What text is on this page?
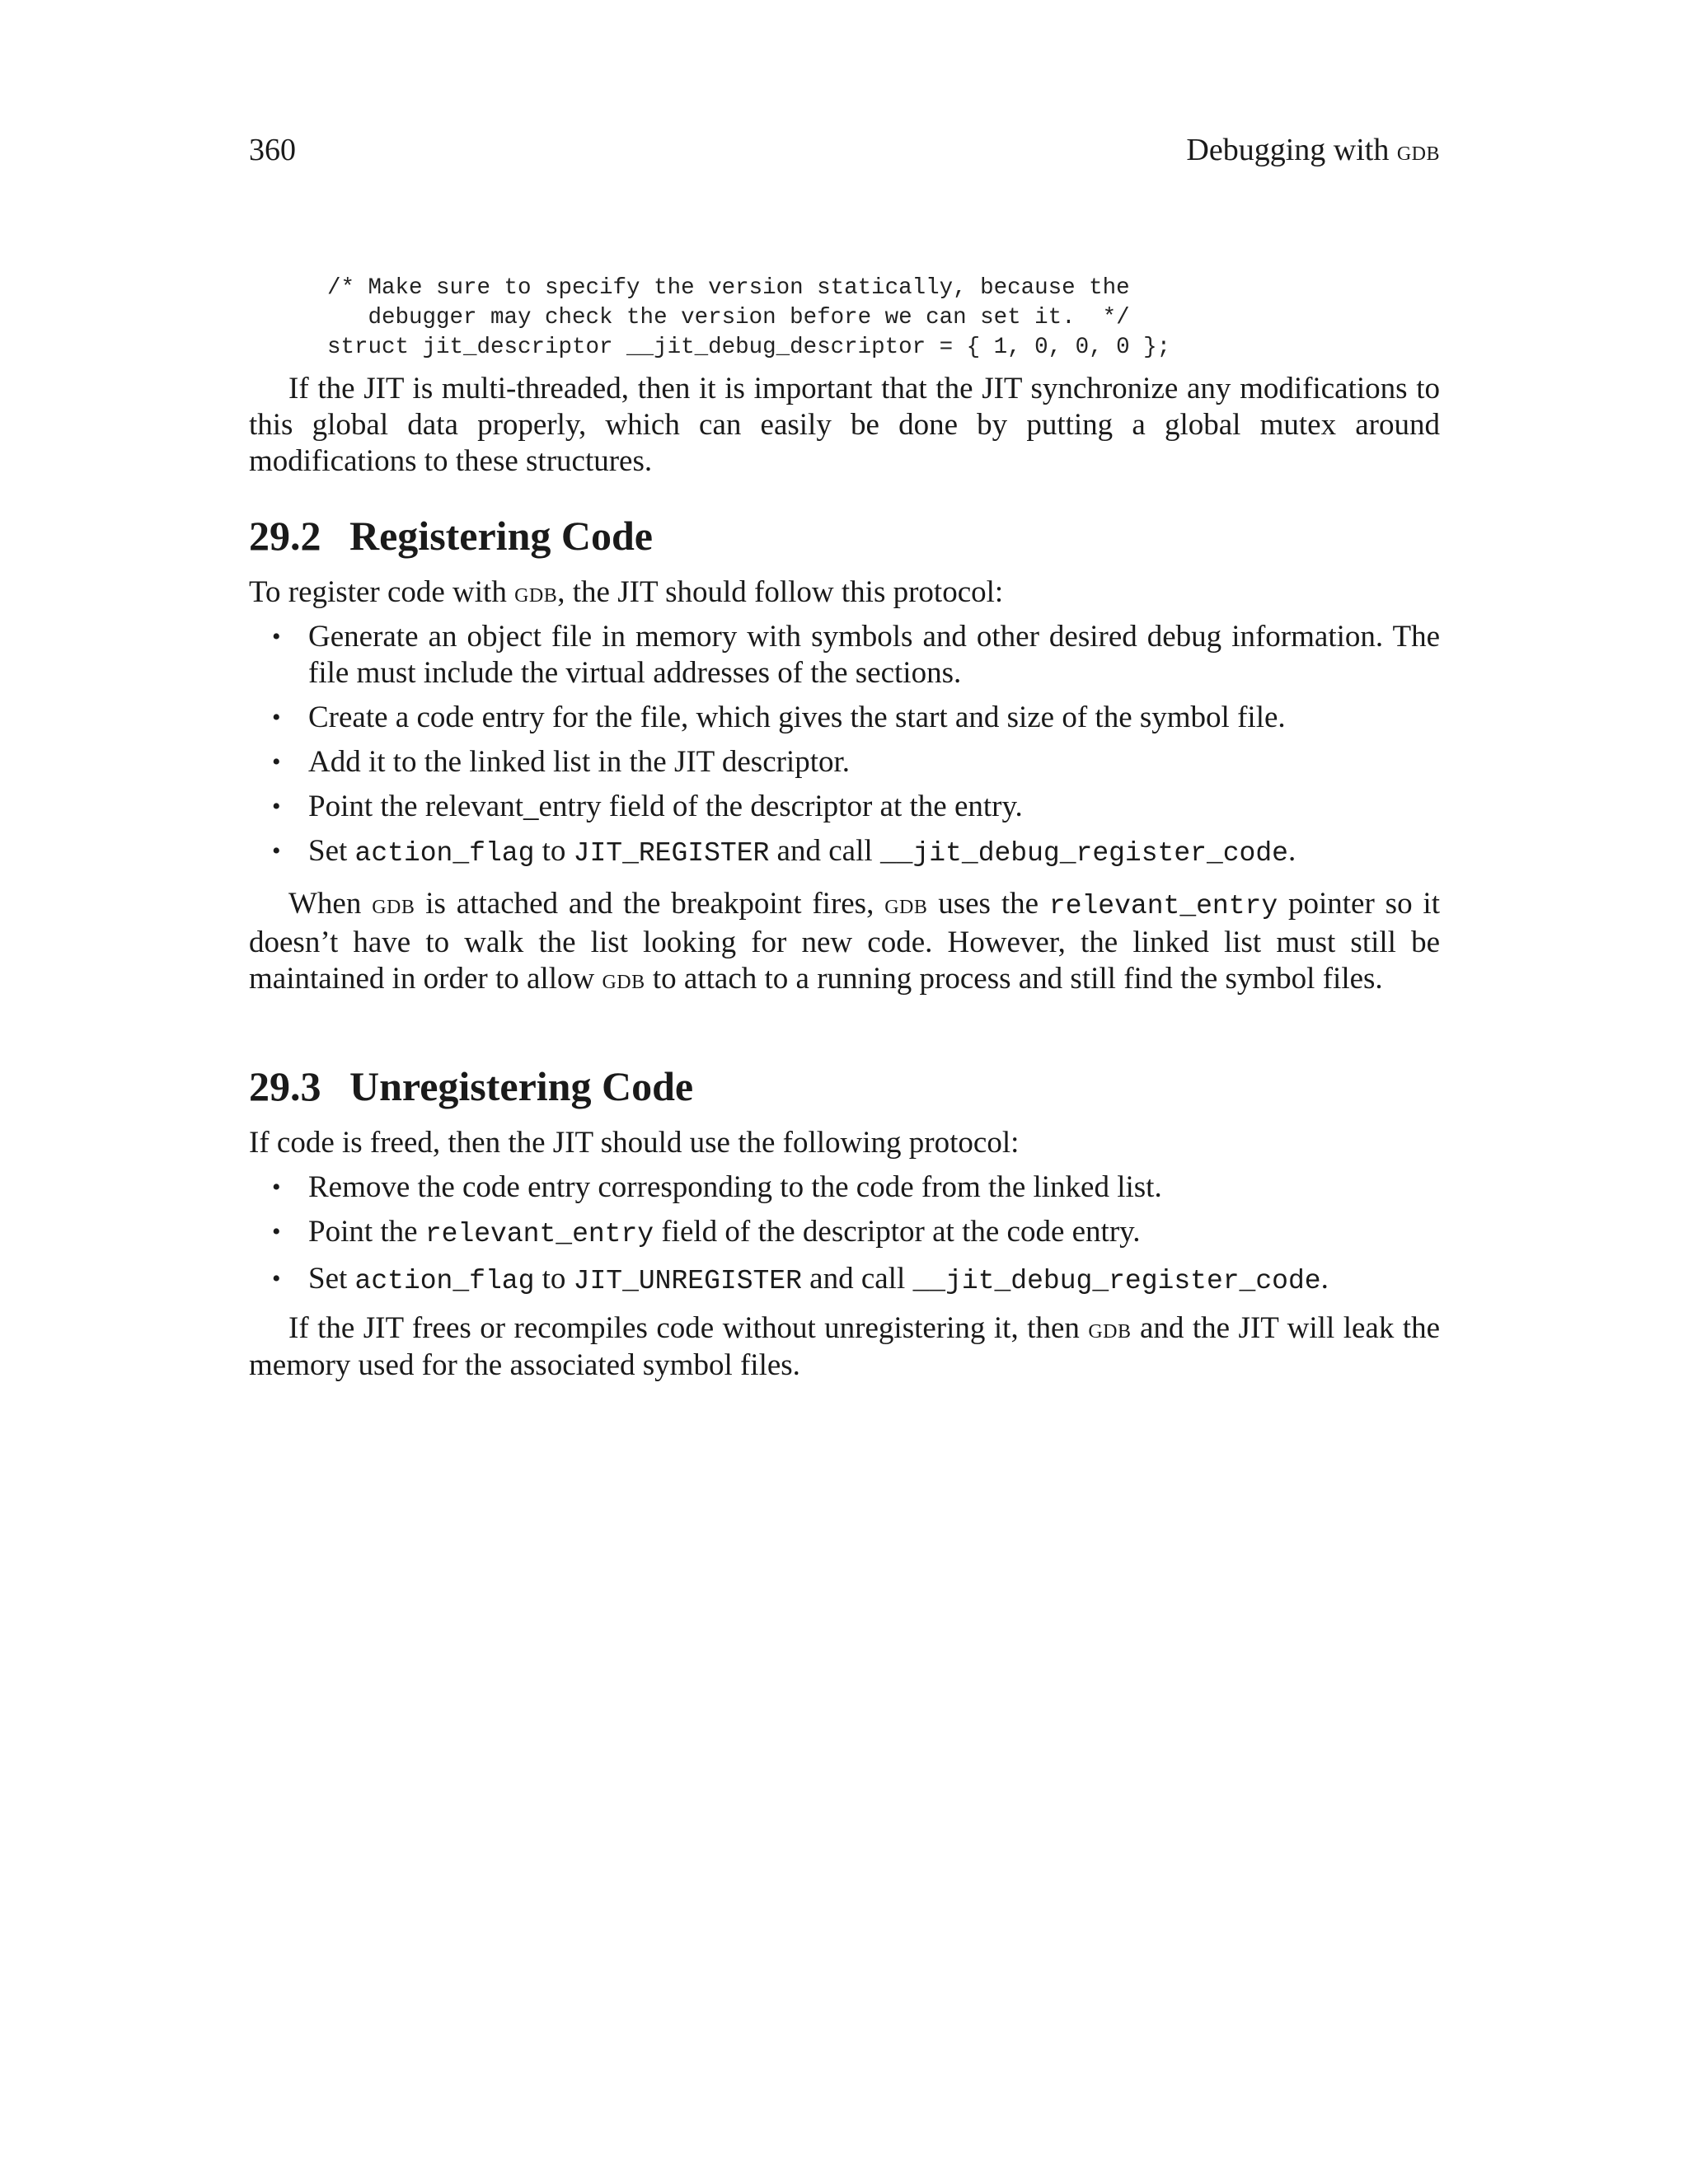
360	Debugging with gdb
/* Make sure to specify the version statically, because the
debugger may check the version before we can set it.  */
struct jit_descriptor __jit_debug_descriptor = { 1, 0, 0, 0 };

If the JIT is multi-threaded, then it is important that the JIT synchronize any modifications to this global data properly, which can easily be done by putting a global mutex around modifications to these structures.

29.2 Registering Code

To register code with gdb, the JIT should follow this protocol:

• Generate an object file in memory with symbols and other desired debug information. The file must include the virtual addresses of the sections.
• Create a code entry for the file, which gives the start and size of the symbol file.
• Add it to the linked list in the JIT descriptor.
• Point the relevant_entry field of the descriptor at the entry.
• Set action_flag to JIT_REGISTER and call __jit_debug_register_code.

When gdb is attached and the breakpoint fires, gdb uses the relevant_entry pointer so it doesn’t have to walk the list looking for new code. However, the linked list must still be maintained in order to allow gdb to attach to a running process and still find the symbol files.

29.3 Unregistering Code

If code is freed, then the JIT should use the following protocol:

• Remove the code entry corresponding to the code from the linked list.
• Point the relevant_entry field of the descriptor at the code entry.
• Set action_flag to JIT_UNREGISTER and call __jit_debug_register_code.

If the JIT frees or recompiles code without unregistering it, then gdb and the JIT will leak the memory used for the associated symbol files.
